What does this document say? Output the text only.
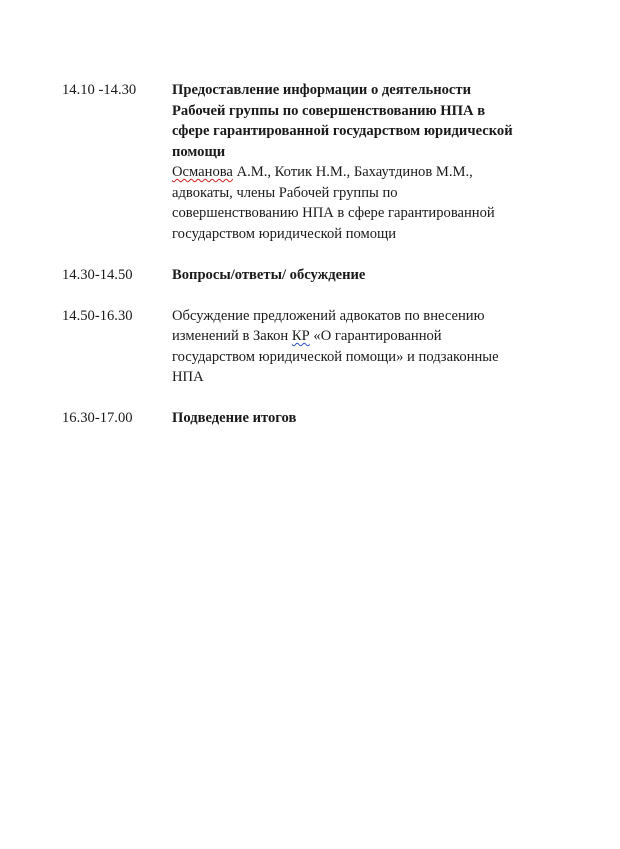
14.10 -14.30	Предоставление информации о деятельности
Рабочей группы по совершенствованию НПА в
сфере гарантированной государством юридической
помощи
Османова А.М., Котик Н.М., Бахаутдинов М.М.,
адвокаты, члены Рабочей группы по
совершенствованию НПА в сфере гарантированной
государством юридической помощи
14.30-14.50	Вопросы/ответы/ обсуждение
14.50-16.30	Обсуждение предложений адвокатов по внесению
изменений в Закон КР «О гарантированной
государством юридической помощи» и подзаконные
НПА
16.30-17.00	Подведение итогов
